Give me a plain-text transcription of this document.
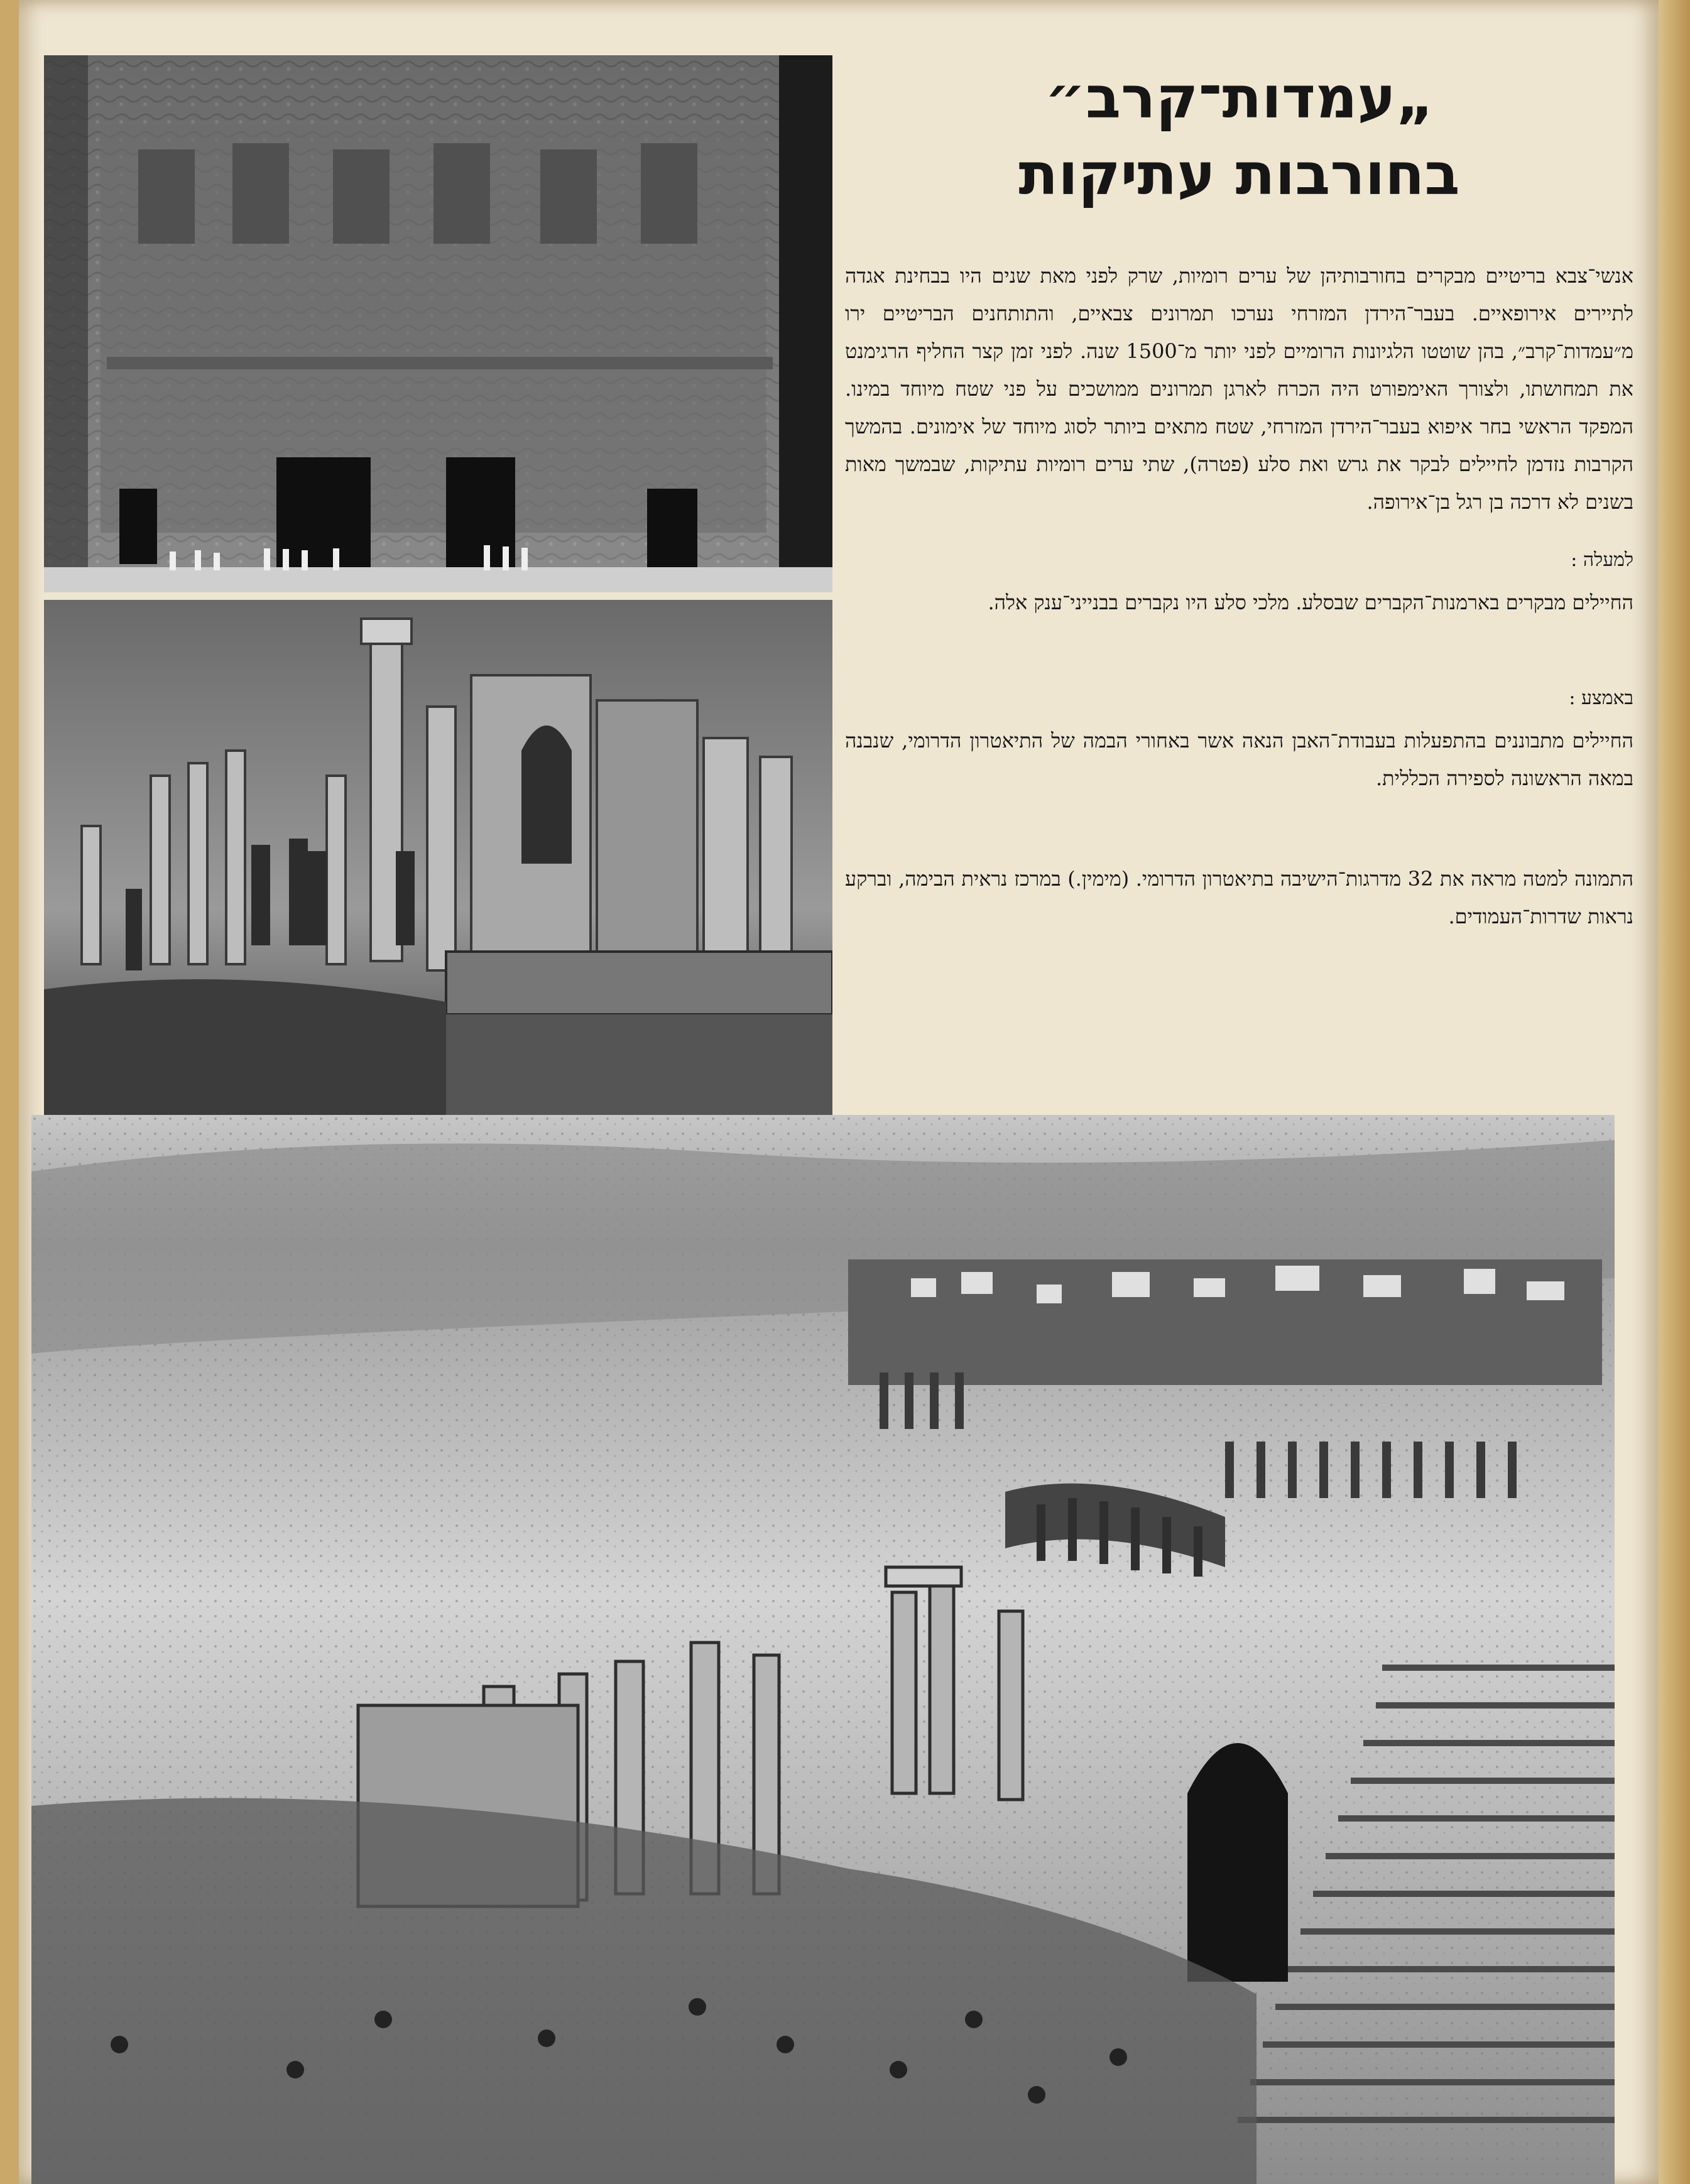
„עמדות־קרב״
בחורבות עתיקות

אנשי־צבא בריטיים מבקרים בחורבותיהן של ערים רומיות, שרק לפני מאת שנים היו בבחינת אגדה לתיירים אירופאיים. בעבר־הירדן המזרחי נערכו תמרונים צבאיים, והתותחנים הבריטיים ירו מ״עמדות־קרב״, בהן שוטטו הלגיונות הרומיים לפני יותר מ־1500 שנה. לפני זמן קצר החליף הרגימנט את תמחושתו, ולצורך האימפורט היה הכרח לארגן תמרונים ממושכים על פני שטח מיוחד במינו. המפקד הראשי בחר איפוא בעבר־הירדן המזרחי, שטח מתאים ביותר לסוג מיוחד של אימונים. בהמשך הקרבות נזדמן לחיילים לבקר את גרש ואת סלע (פטרה), שתי ערים רומיות עתיקות, שבמשך מאות בשנים לא דרכה בן רגל בן־אירופה.

למעלה :

החיילים מבקרים בארמנות־הקברים שבסלע. מלכי סלע היו נקברים בבנייני־ענק אלה.

באמצע :

החיילים מתבוננים בהתפעלות בעבודת־האבן הנאה אשר באחורי הבמה של התיאטרון הדרומי, שנבנה במאה הראשונה לספירה הכללית.

התמונה למטה מראה את 32 מדרגות־הישיבה בתיאטרון הדרומי. (מימין.) במרכז נראית הבימה, וברקע נראות שדרות־העמודים.
